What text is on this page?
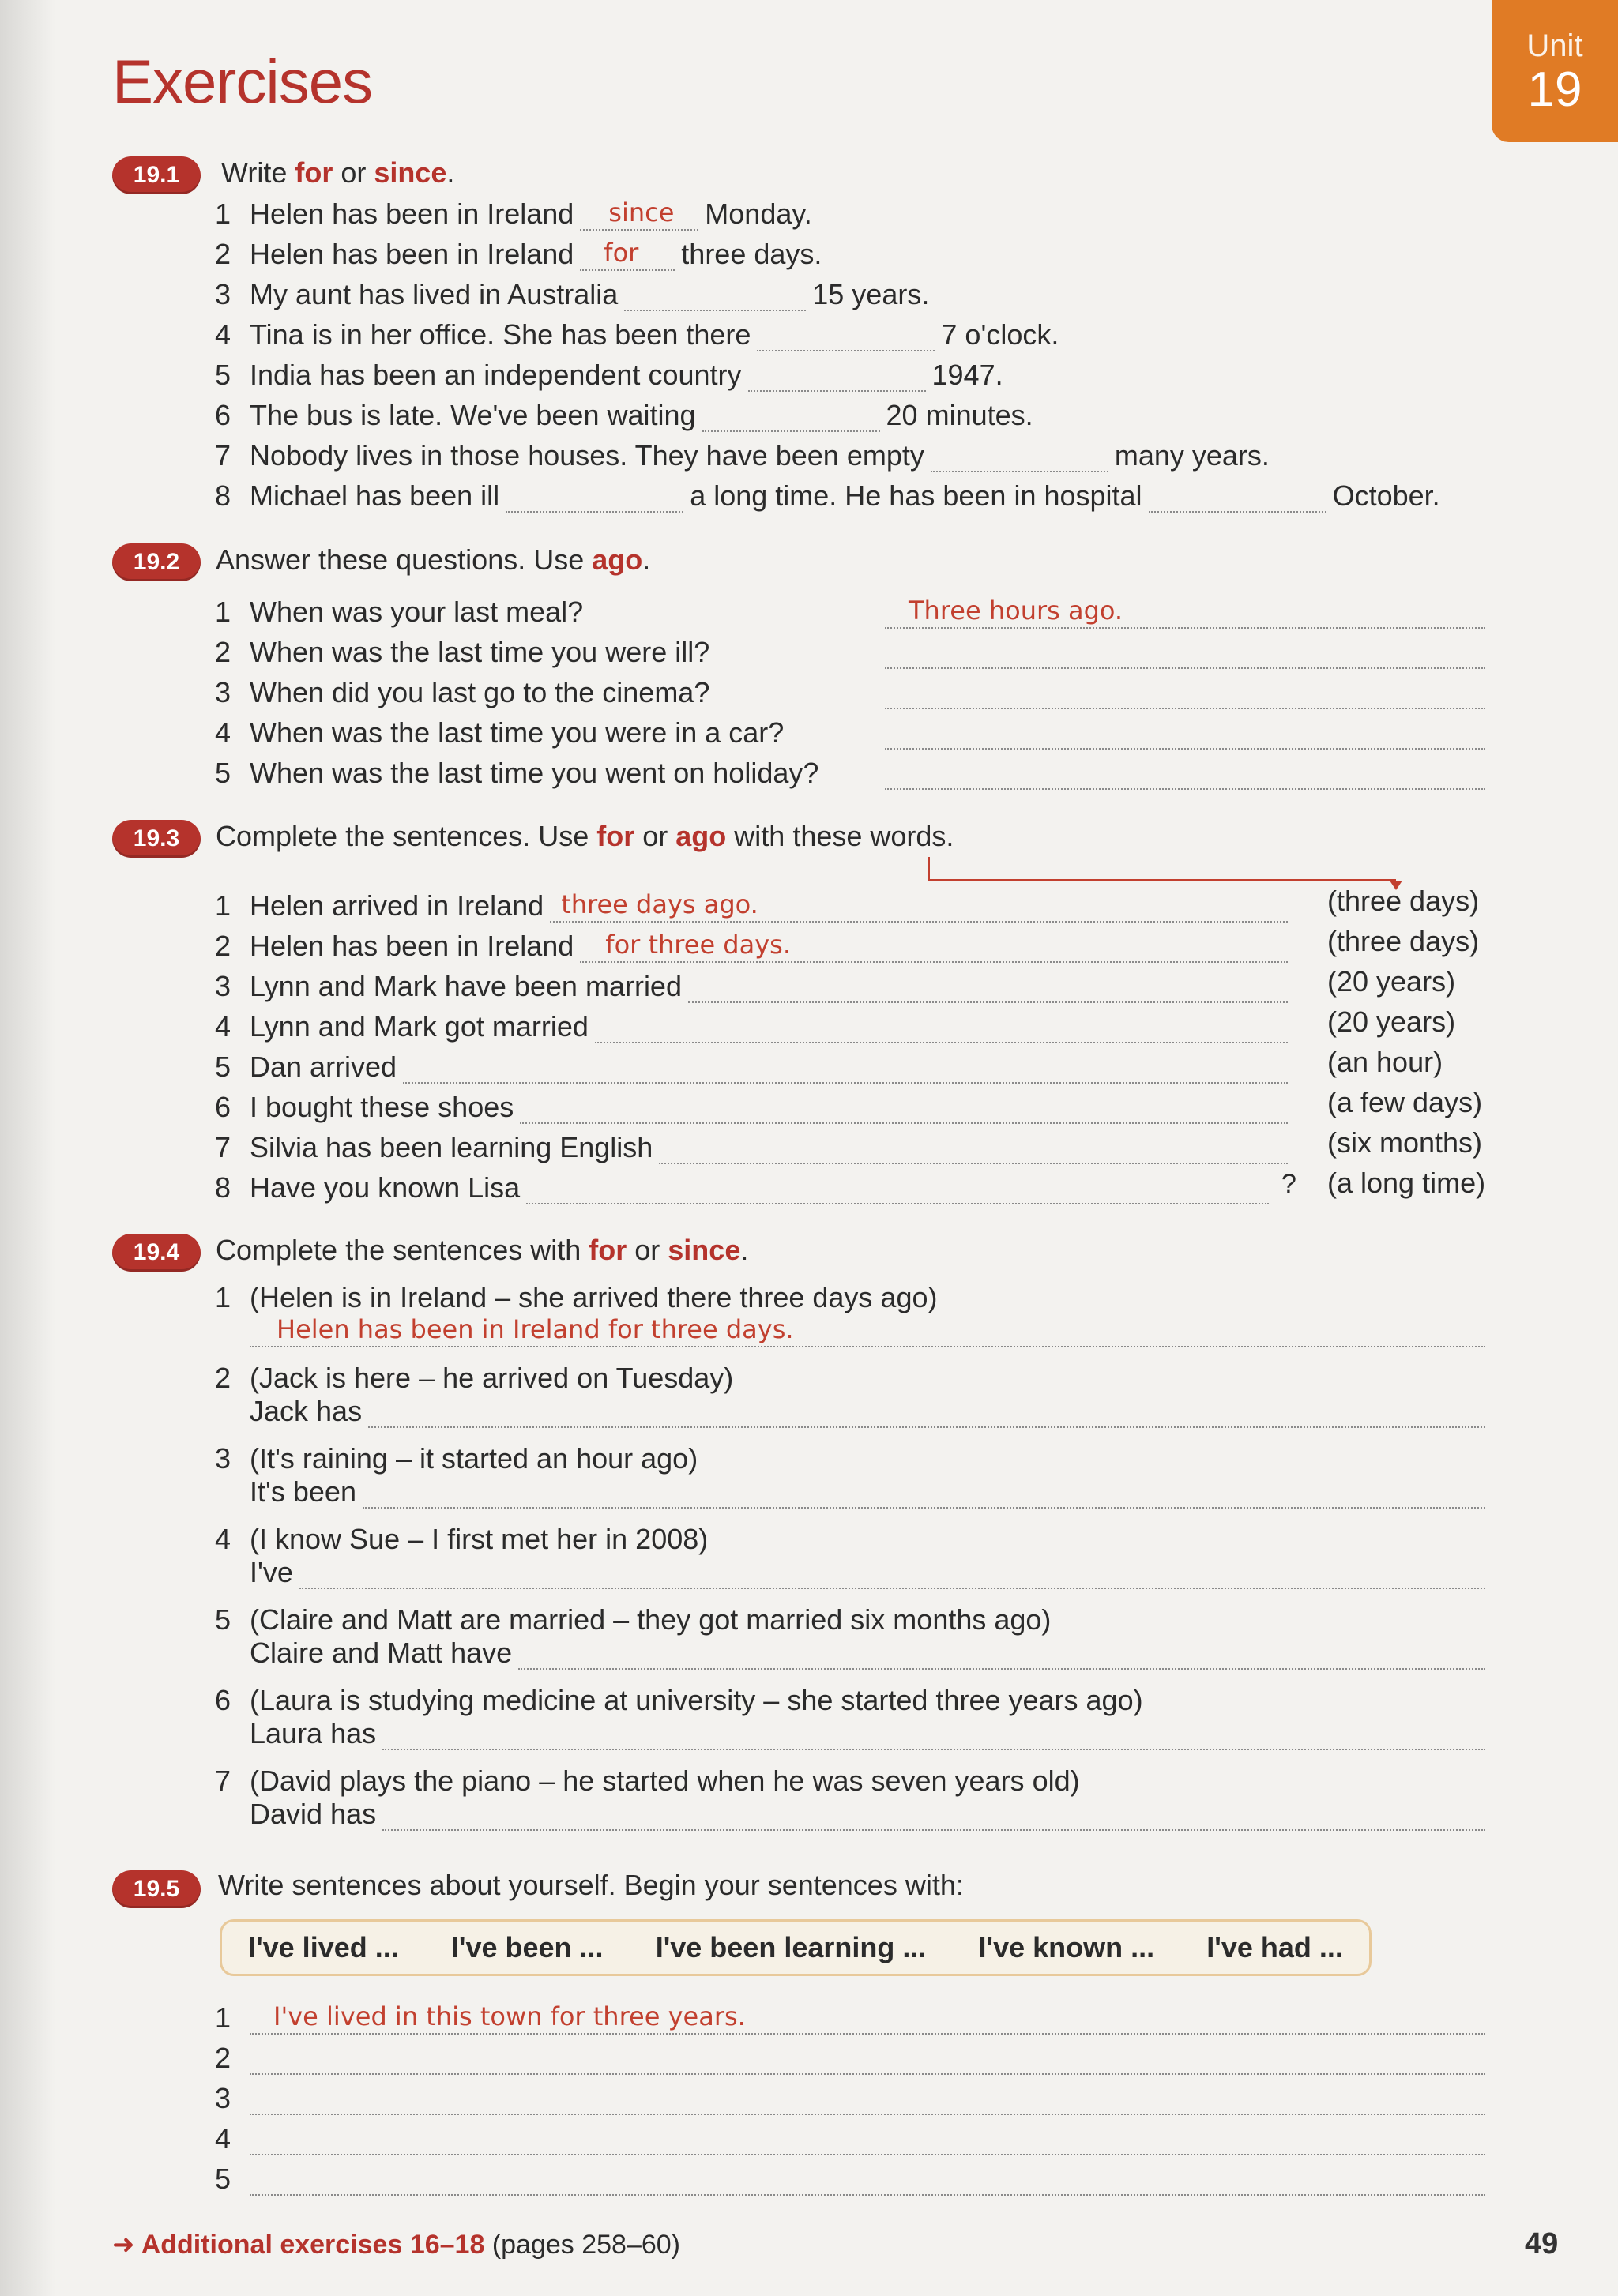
Exercises
Unit
19
19.1	Write for or since.
1 Helen has been in Ireland since Monday.
2 Helen has been in Ireland for three days.
3 My aunt has lived in Australia	15 years.
4 Tina is in her office. She has been there	7 o'clock.
5 India has been an independent country	1947.
6 The bus is late. We've been waiting	20 minutes.
7 Nobody lives in those houses. They have been empty	many years.
8 Michael has been ill	a long time. He has been in hospital	October.
19.2	Answer these questions. Use ago.
1 When was your last meal?	Three hours ago.
2 When was the last time you were ill?
3 When did you last go to the cinema?
4 When was the last time you were in a car?
5 When was the last time you went on holiday?
19.3	Complete the sentences. Use for or ago with these words.
1 Helen arrived in Ireland three days ago.	(three days)
2 Helen has been in Ireland for three days.	(three days)
3 Lynn and Mark have been married	(20 years)
4 Lynn and Mark got married	(20 years)
5 Dan arrived	(an hour)
6 I bought these shoes	(a few days)
7 Silvia has been learning English	(six months)
8 Have you known Lisa	? (a long time)
19.4	Complete the sentences with for or since.
1 (Helen is in Ireland – she arrived there three days ago)
Helen has been in Ireland for three days.
2 (Jack is here – he arrived on Tuesday)
Jack has
3 (It's raining – it started an hour ago)
It's been
4 (I know Sue – I first met her in 2008)
I've
5 (Claire and Matt are married – they got married six months ago)
Claire and Matt have
6 (Laura is studying medicine at university – she started three years ago)
Laura has
7 (David plays the piano – he started when he was seven years old)
David has
19.5	Write sentences about yourself. Begin your sentences with:
I've lived ... I've been ... I've been learning ... I've known ... I've had ...
1	I've lived in this town for three years.
2
3
4
5
➜ Additional exercises 16–18 (pages 258–60)	49
